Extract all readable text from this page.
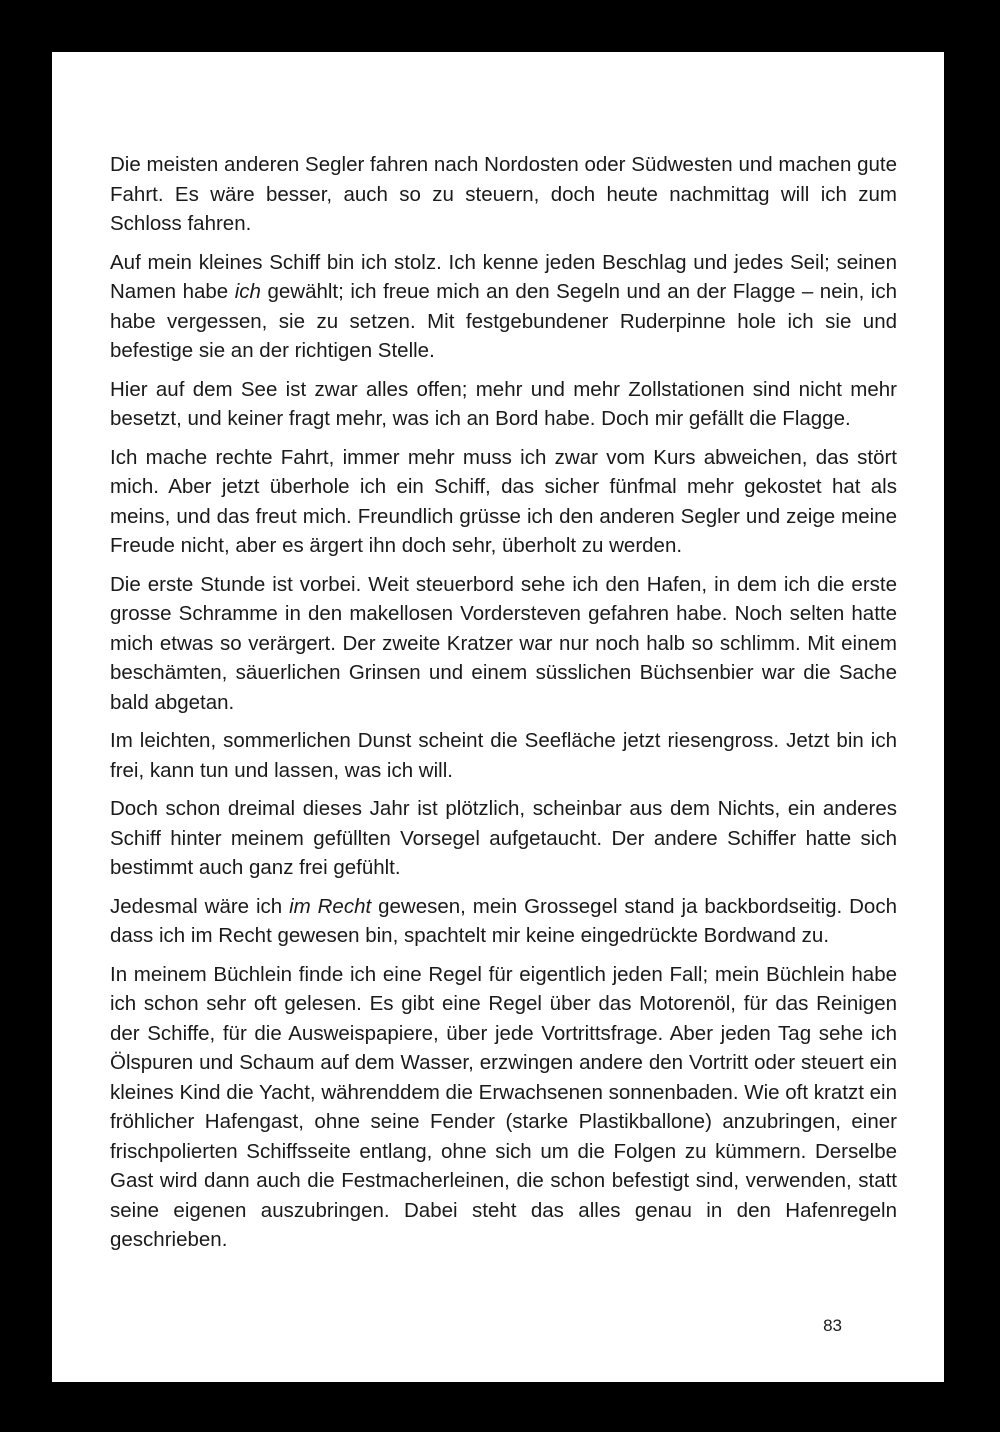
Die meisten anderen Segler fahren nach Nordosten oder Südwesten und machen gute Fahrt. Es wäre besser, auch so zu steuern, doch heute nachmittag will ich zum Schloss fahren.

Auf mein kleines Schiff bin ich stolz. Ich kenne jeden Beschlag und jedes Seil; seinen Namen habe ich gewählt; ich freue mich an den Segeln und an der Flagge – nein, ich habe vergessen, sie zu setzen. Mit festgebundener Ruderpinne hole ich sie und befestige sie an der richtigen Stelle.

Hier auf dem See ist zwar alles offen; mehr und mehr Zollstationen sind nicht mehr besetzt, und keiner fragt mehr, was ich an Bord habe. Doch mir gefällt die Flagge.

Ich mache rechte Fahrt, immer mehr muss ich zwar vom Kurs abweichen, das stört mich. Aber jetzt überhole ich ein Schiff, das sicher fünfmal mehr gekostet hat als meins, und das freut mich. Freundlich grüsse ich den anderen Segler und zeige meine Freude nicht, aber es ärgert ihn doch sehr, überholt zu werden.

Die erste Stunde ist vorbei. Weit steuerbord sehe ich den Hafen, in dem ich die erste grosse Schramme in den makellosen Vordersteven gefahren habe. Noch selten hatte mich etwas so verärgert. Der zweite Kratzer war nur noch halb so schlimm. Mit einem beschämten, säuerlichen Grinsen und einem süsslichen Büchsenbier war die Sache bald abgetan.

Im leichten, sommerlichen Dunst scheint die Seefläche jetzt riesengross. Jetzt bin ich frei, kann tun und lassen, was ich will.

Doch schon dreimal dieses Jahr ist plötzlich, scheinbar aus dem Nichts, ein anderes Schiff hinter meinem gefüllten Vorsegel aufgetaucht. Der andere Schiffer hatte sich bestimmt auch ganz frei gefühlt.

Jedesmal wäre ich im Recht gewesen, mein Grossegel stand ja backbordseitig. Doch dass ich im Recht gewesen bin, spachtelt mir keine eingedrückte Bordwand zu.

In meinem Büchlein finde ich eine Regel für eigentlich jeden Fall; mein Büchlein habe ich schon sehr oft gelesen. Es gibt eine Regel über das Motorenöl, für das Reinigen der Schiffe, für die Ausweispapiere, über jede Vortrittsfrage. Aber jeden Tag sehe ich Ölspuren und Schaum auf dem Wasser, erzwingen andere den Vortritt oder steuert ein kleines Kind die Yacht, währenddem die Erwachsenen sonnenbaden. Wie oft kratzt ein fröhlicher Hafengast, ohne seine Fender (starke Plastikballone) anzubringen, einer frischpolierten Schiffsseite entlang, ohne sich um die Folgen zu kümmern. Derselbe Gast wird dann auch die Festmacherleinen, die schon befestigt sind, verwenden, statt seine eigenen auszubringen. Dabei steht das alles genau in den Hafenregeln geschrieben.

83
